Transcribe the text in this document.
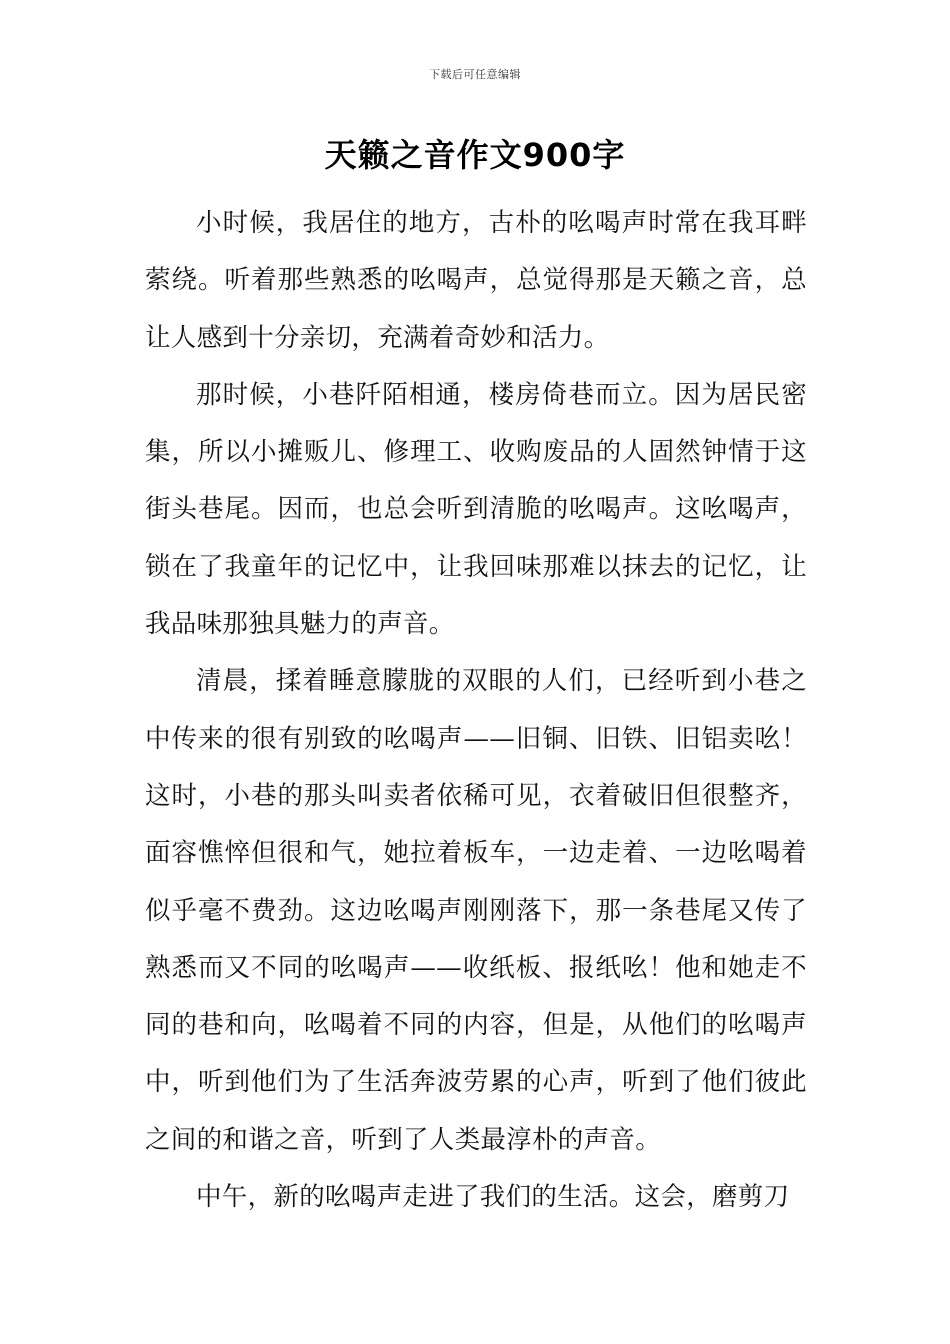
下载后可任意编辑
天籁之音作文900字

小时候，我居住的地方，古朴的吆喝声时常在我耳畔萦绕。听着那些熟悉的吆喝声，总觉得那是天籁之音，总让人感到十分亲切，充满着奇妙和活力。

那时候，小巷阡陌相通，楼房倚巷而立。因为居民密集，所以小摊贩儿、修理工、收购废品的人固然钟情于这街头巷尾。因而，也总会听到清脆的吆喝声。这吆喝声，锁在了我童年的记忆中，让我回味那难以抹去的记忆，让我品味那独具魅力的声音。

清晨，揉着睡意朦胧的双眼的人们，已经听到小巷之中传来的很有别致的吆喝声——旧铜、旧铁、旧铝卖吆！这时，小巷的那头叫卖者依稀可见，衣着破旧但很整齐，面容憔悴但很和气，她拉着板车，一边走着、一边吆喝着似乎毫不费劲。这边吆喝声刚刚落下，那一条巷尾又传了熟悉而又不同的吆喝声——收纸板、报纸吆！他和她走不同的巷和向，吆喝着不同的内容，但是，从他们的吆喝声中，听到他们为了生活奔波劳累的心声，听到了他们彼此之间的和谐之音，听到了人类最淳朴的声音。

中午，新的吆喝声走进了我们的生活。这会，磨剪刀
